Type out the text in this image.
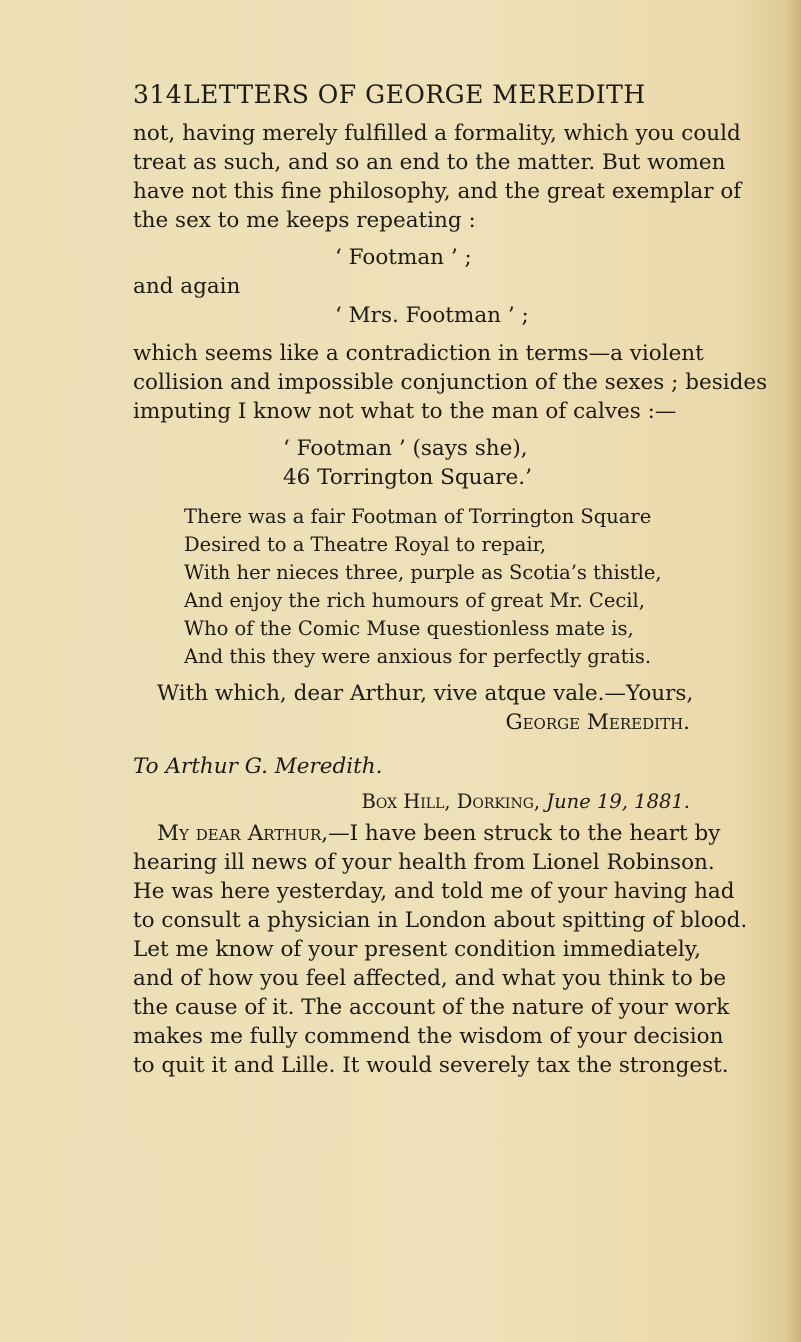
314LETTERS OF GEORGE MEREDITH
not, having merely fulfilled a formality, which you could
treat as such, and so an end to the matter. But women
have not this fine philosophy, and the great exemplar of
the sex to me keeps repeating :
‘ Footman ’ ;
and again
‘ Mrs. Footman ’ ;
which seems like a contradiction in terms—a violent
collision and impossible conjunction of the sexes ; besides
imputing I know not what to the man of calves :—
‘ Footman ’ (says she),
46 Torrington Square.’
There was a fair Footman of Torrington Square
Desired to a Theatre Royal to repair,
With her nieces three, purple as Scotia’s thistle,
And enjoy the rich humours of great Mr. Cecil,
Who of the Comic Muse questionless mate is,
And this they were anxious for perfectly gratis.
With which, dear Arthur, vive atque vale.—Yours,
George Meredith.
To Arthur G. Meredith.
Box Hill, Dorking, June 19, 1881.
My dear Arthur,—I have been struck to the heart by
hearing ill news of your health from Lionel Robinson.
He was here yesterday, and told me of your having had
to consult a physician in London about spitting of blood.
Let me know of your present condition immediately,
and of how you feel affected, and what you think to be
the cause of it. The account of the nature of your work
makes me fully commend the wisdom of your decision
to quit it and Lille. It would severely tax the strongest.
